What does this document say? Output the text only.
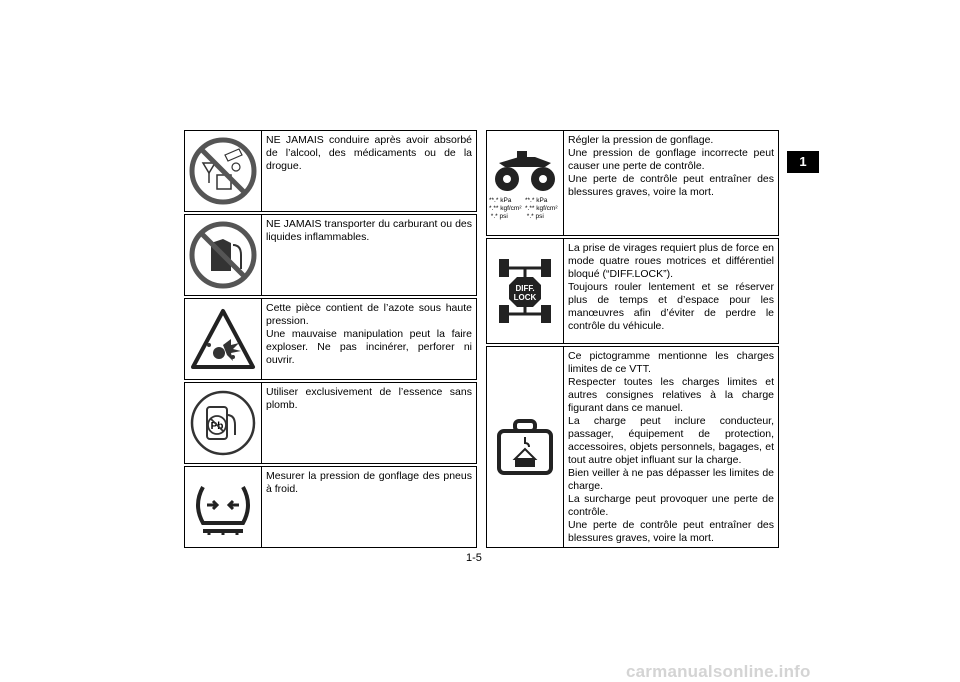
1

NE JAMAIS conduire après avoir absorbé de l’alcool, des médicaments ou de la drogue.

NE JAMAIS transporter du carburant ou des liquides inflammables.

Cette pièce contient de l’azote sous haute pression.

Une mauvaise manipulation peut la faire exploser. Ne pas incinérer, perforer ni ouvrir.

Pb

Utiliser exclusivement de l’essence sans plomb.

Mesurer la pression de gonflage des pneus à froid.

**.* kPa
*.** kgf/cm²
*.* psi
**.* kPa
*.** kgf/cm²
*.* psi

Régler la pression de gonflage.

Une pression de gonflage incorrecte peut causer une perte de contrôle.

Une perte de contrôle peut entraîner des blessures graves, voire la mort.

DIFF.
LOCK

La prise de virages requiert plus de force en mode quatre roues motrices et différentiel bloqué (“DIFF.LOCK”).

Toujours rouler lentement et se réserver plus de temps et d’espace pour les manœuvres afin d’éviter de perdre le contrôle du véhicule.

Ce pictogramme mentionne les charges limites de ce VTT.

Respecter toutes les charges limites et autres consignes relatives à la charge figurant dans ce manuel.

La charge peut inclure conducteur, passager, équipement de protection, accessoires, objets personnels, bagages, et tout autre objet influant sur la charge.

Bien veiller à ne pas dépasser les limites de charge.

La surcharge peut provoquer une perte de contrôle.

Une perte de contrôle peut entraîner des blessures graves, voire la mort.

1-5
carmanualsonline.info
